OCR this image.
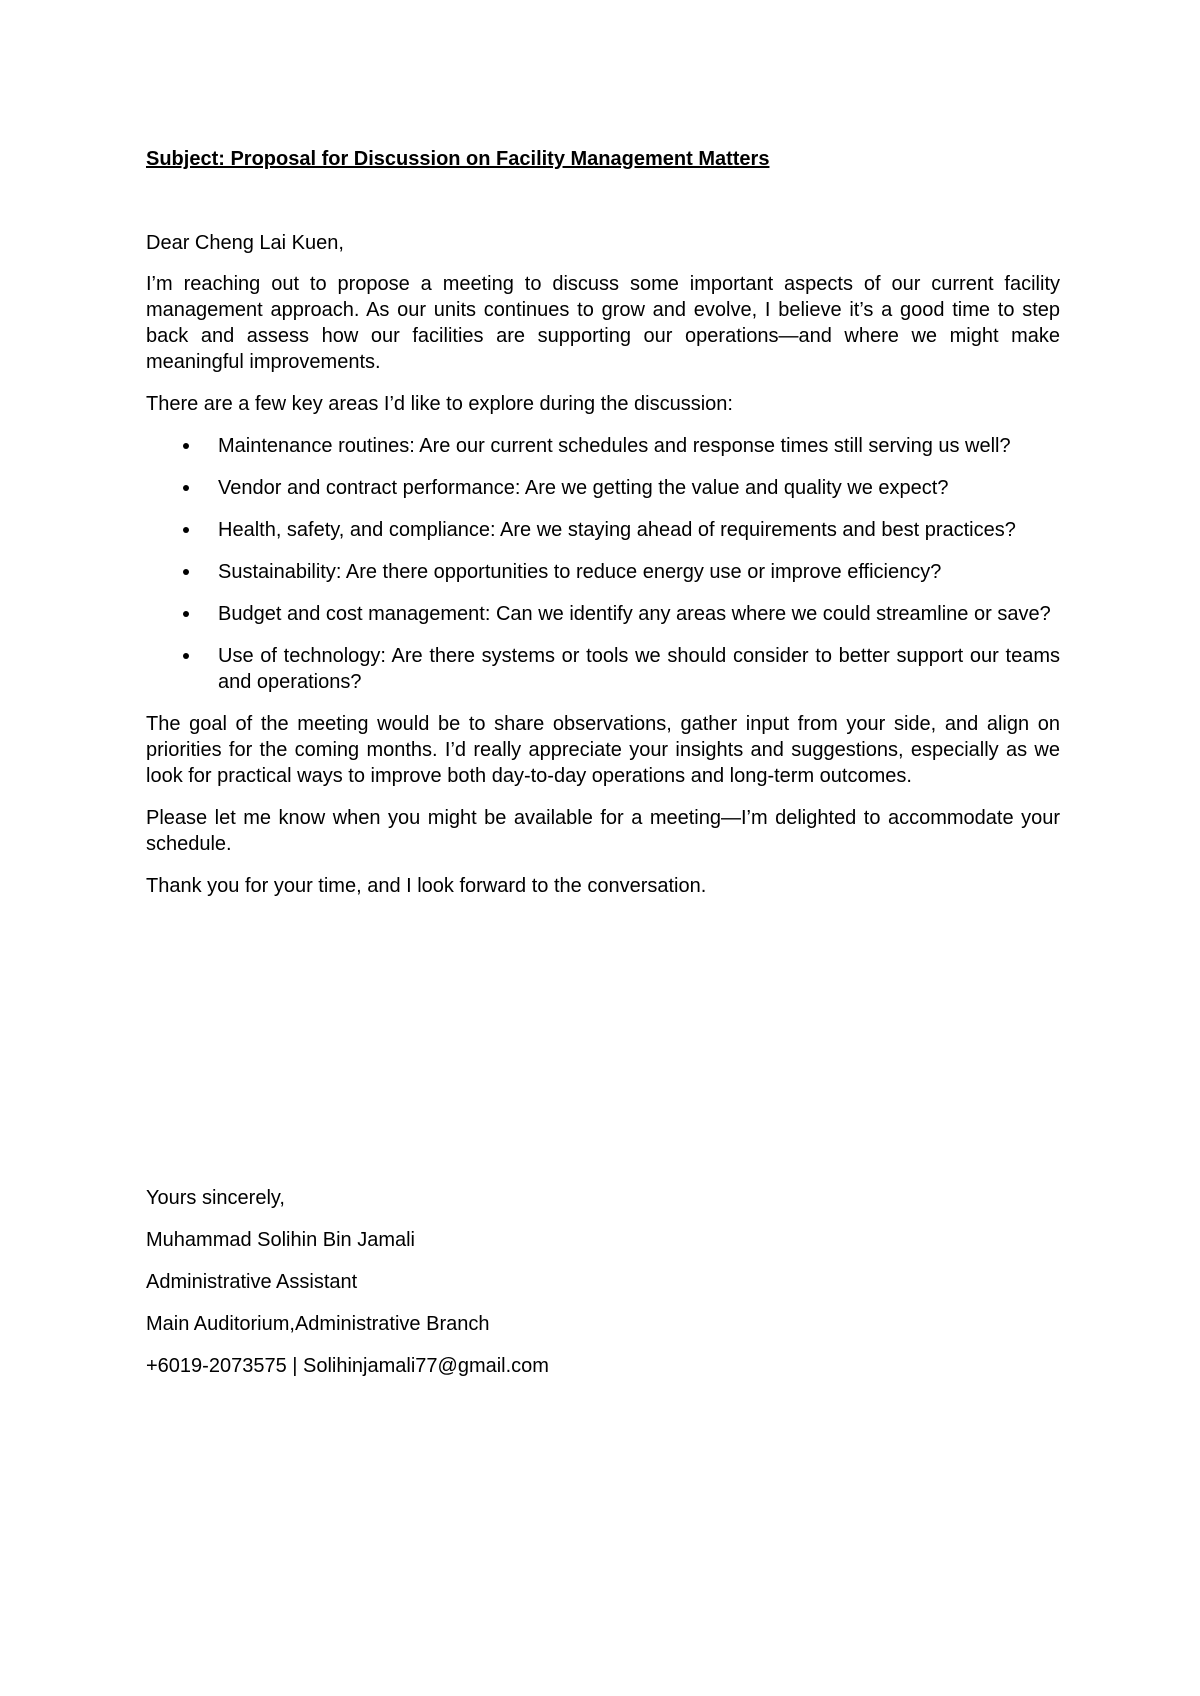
Subject: Proposal for Discussion on Facility Management Matters
Dear Cheng Lai Kuen,

I’m reaching out to propose a meeting to discuss some important aspects of our current facility management approach. As our units continues to grow and evolve, I believe it’s a good time to step back and assess how our facilities are supporting our operations—and where we might make meaningful improvements.

There are a few key areas I’d like to explore during the discussion:

Maintenance routines: Are our current schedules and response times still serving us well?
Vendor and contract performance: Are we getting the value and quality we expect?
Health, safety, and compliance: Are we staying ahead of requirements and best practices?
Sustainability: Are there opportunities to reduce energy use or improve efficiency?
Budget and cost management: Can we identify any areas where we could streamline or save?
Use of technology: Are there systems or tools we should consider to better support our teams and operations?

The goal of the meeting would be to share observations, gather input from your side, and align on priorities for the coming months. I’d really appreciate your insights and suggestions, especially as we look for practical ways to improve both day-to-day operations and long-term outcomes.

Please let me know when you might be available for a meeting—I’m delighted to accommodate your schedule.

Thank you for your time, and I look forward to the conversation.

Yours sincerely,
Muhammad Solihin Bin Jamali
Administrative Assistant
Main Auditorium,Administrative Branch
+6019-2073575 | Solihinjamali77@gmail.com
